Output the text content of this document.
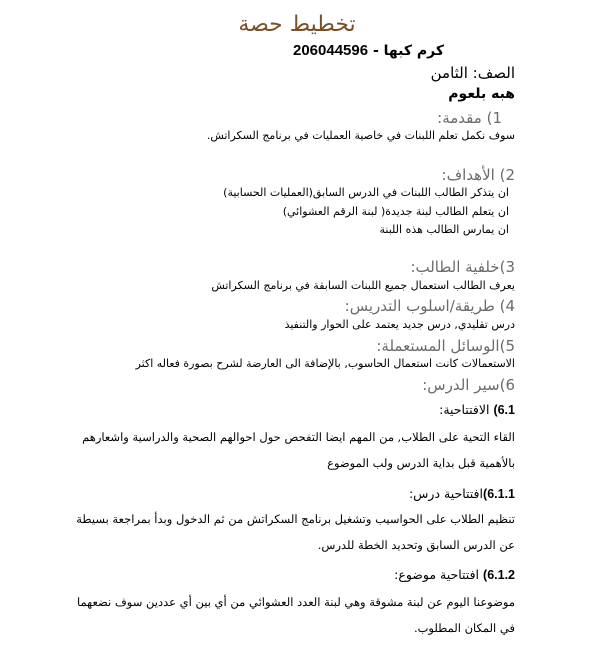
تخطيط حصة
كرم كبها - 206044596
الصف: الثامن
هبه بلعوم
1) مقدمة:
سوف نكمل تعلم اللبنات في خاصية العمليات في برنامج السكراتش.
2) الأهداف:
ان يتذكر الطالب اللبنات في الدرس السابق(العمليات الحسابية)
ان يتعلم الطالب لبنة جديدة( لبنة الرقم العشوائي)
ان يمارس الطالب هذه اللبنة
3)خلفية الطالب:
يعرف الطالب استعمال جميع اللبنات السابقة في برنامج السكراتش
4) طريقة/اسلوب التدريس:
درس تقليدي, درس جديد يعتمد على الحوار والتنفيذ
5)الوسائل المستعملة:
الاستعمالات كانت استعمال الحاسوب, بالإضافة الى العارضة لشرح بصورة فعاله اكثر
6)سير الدرس:
6.1) الافتتاحية:
القاء التحية على الطلاب, من المهم ايضا التفحص حول احوالهم الصحية والدراسية واشعارهم
بالأهمية قبل بداية الدرس ولب الموضوع
6.1.1)افتتاحية درس:
تنظيم الطلاب على الحواسيب وتشغيل برنامج السكراتش من ثم الدخول وبدأ بمراجعة بسيطة
عن الدرس السابق وتحديد الخطة للدرس.
6.1.2) افتتاحية موضوع:
موضوعنا اليوم عن لبنة مشوقة وهي لبنة العدد العشوائي من أي بين أي عددين سوف نضعهما
في المكان المطلوب.
